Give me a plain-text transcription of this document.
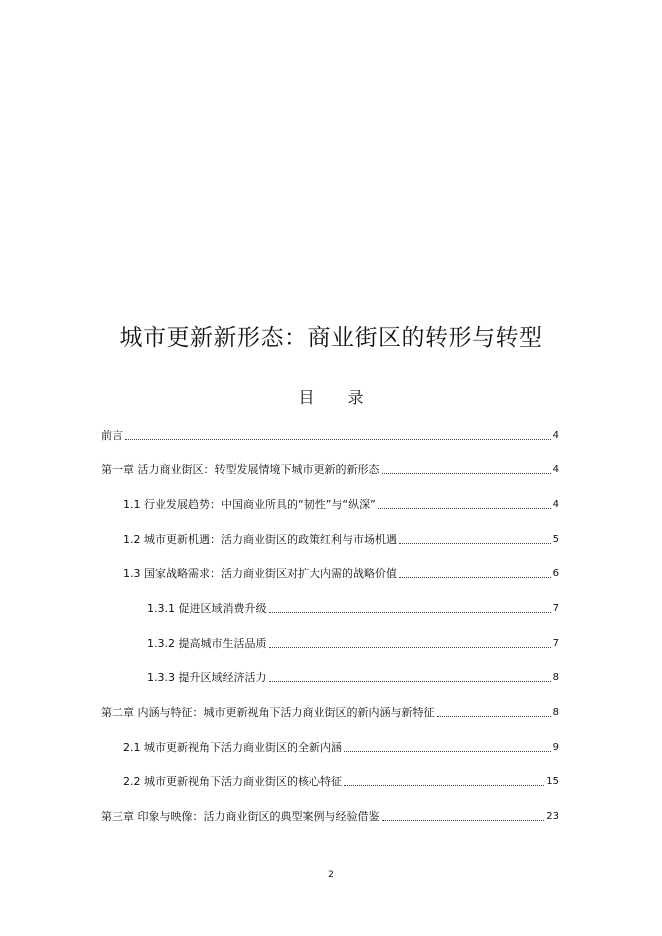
城市更新新形态：商业街区的转形与转型
目 录
前言	4
第一章 活力商业街区：转型发展情境下城市更新的新形态	4
1.1 行业发展趋势：中国商业所具的“韧性”与“纵深”	4
1.2 城市更新机遇：活力商业街区的政策红利与市场机遇	5
1.3 国家战略需求：活力商业街区对扩大内需的战略价值	6
1.3.1 促进区域消费升级	7
1.3.2 提高城市生活品质	7
1.3.3 提升区域经济活力	8
第二章 内涵与特征：城市更新视角下活力商业街区的新内涵与新特征	8
2.1 城市更新视角下活力商业街区的全新内涵	9
2.2 城市更新视角下活力商业街区的核心特征	15
第三章 印象与映像：活力商业街区的典型案例与经验借鉴	23
2
